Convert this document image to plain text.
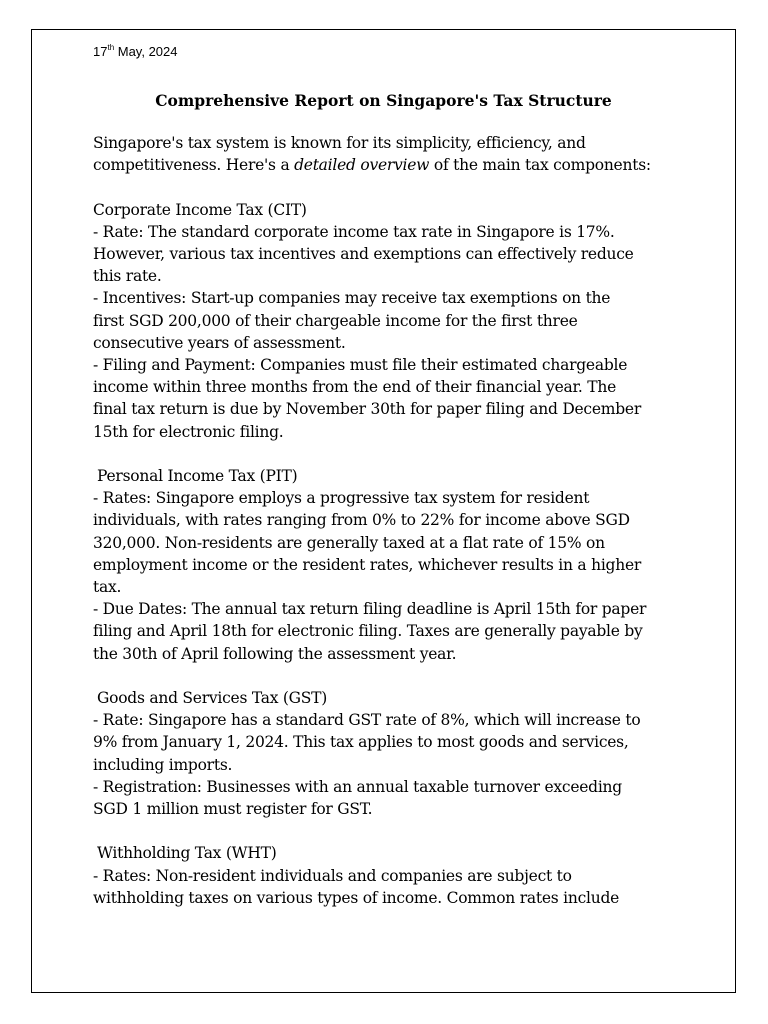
17th May, 2024
Comprehensive Report on Singapore's Tax Structure

Singapore's tax system is known for its simplicity, efficiency, and

competitiveness. Here's a detailed overview of the main tax components:

Corporate Income Tax (CIT)

- Rate: The standard corporate income tax rate in Singapore is 17%.

However, various tax incentives and exemptions can effectively reduce

this rate.

- Incentives: Start-up companies may receive tax exemptions on the

first SGD 200,000 of their chargeable income for the first three

consecutive years of assessment.

- Filing and Payment: Companies must file their estimated chargeable

income within three months from the end of their financial year. The

final tax return is due by November 30th for paper filing and December

15th for electronic filing.

Personal Income Tax (PIT)

- Rates: Singapore employs a progressive tax system for resident

individuals, with rates ranging from 0% to 22% for income above SGD

320,000. Non-residents are generally taxed at a flat rate of 15% on

employment income or the resident rates, whichever results in a higher

tax.

- Due Dates: The annual tax return filing deadline is April 15th for paper

filing and April 18th for electronic filing. Taxes are generally payable by

the 30th of April following the assessment year.

Goods and Services Tax (GST)

- Rate: Singapore has a standard GST rate of 8%, which will increase to

9% from January 1, 2024. This tax applies to most goods and services,

including imports.

- Registration: Businesses with an annual taxable turnover exceeding

SGD 1 million must register for GST.

Withholding Tax (WHT)

- Rates: Non-resident individuals and companies are subject to

withholding taxes on various types of income. Common rates include
